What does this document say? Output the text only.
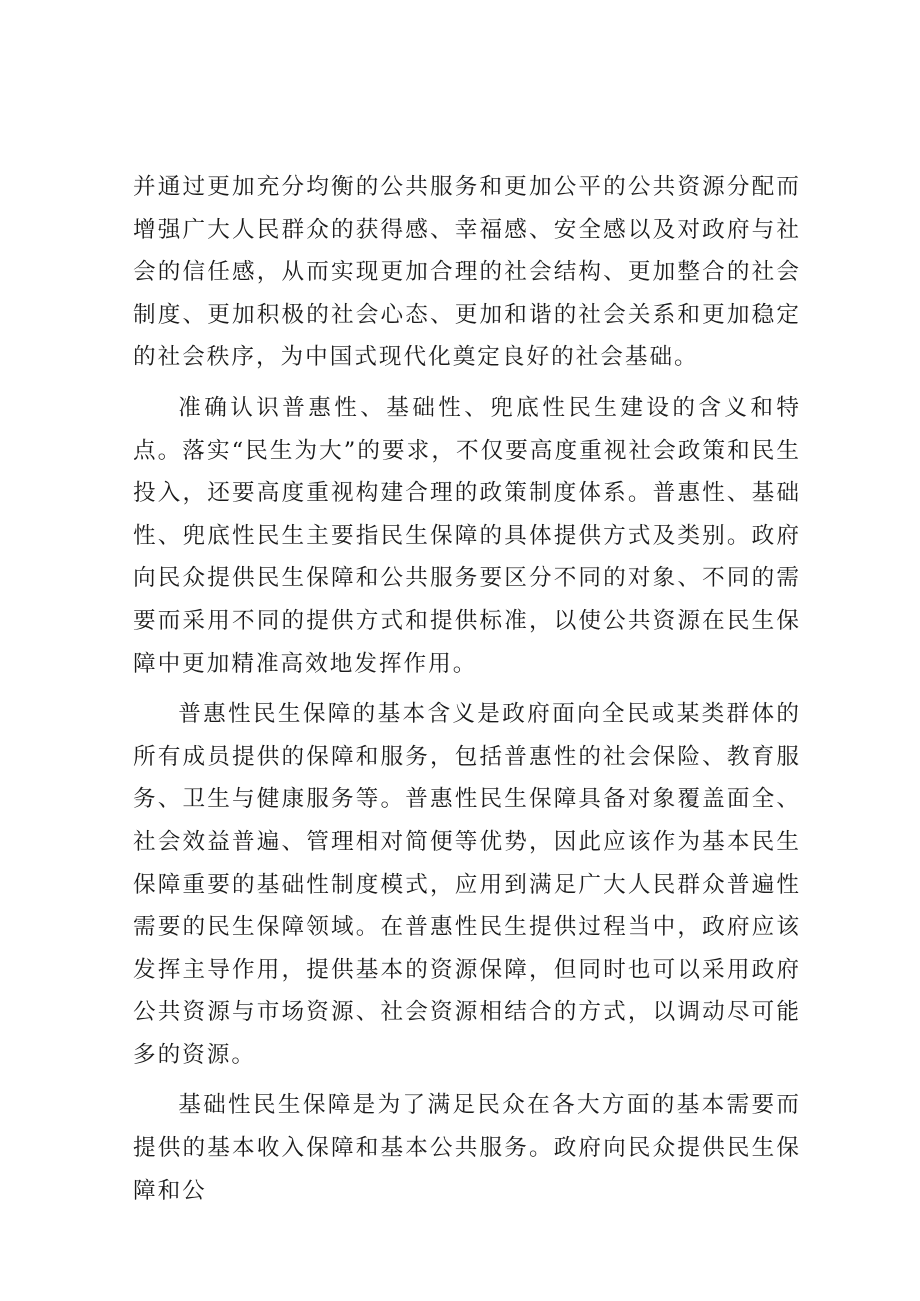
并通过更加充分均衡的公共服务和更加公平的公共资源分配而增强广大人民群众的获得感、幸福感、安全感以及对政府与社会的信任感，从而实现更加合理的社会结构、更加整合的社会制度、更加积极的社会心态、更加和谐的社会关系和更加稳定的社会秩序，为中国式现代化奠定良好的社会基础。

准确认识普惠性、基础性、兜底性民生建设的含义和特点。落实“民生为大”的要求，不仅要高度重视社会政策和民生投入，还要高度重视构建合理的政策制度体系。普惠性、基础性、兜底性民生主要指民生保障的具体提供方式及类别。政府向民众提供民生保障和公共服务要区分不同的对象、不同的需要而采用不同的提供方式和提供标准，以使公共资源在民生保障中更加精准高效地发挥作用。

普惠性民生保障的基本含义是政府面向全民或某类群体的所有成员提供的保障和服务，包括普惠性的社会保险、教育服务、卫生与健康服务等。普惠性民生保障具备对象覆盖面全、社会效益普遍、管理相对简便等优势，因此应该作为基本民生保障重要的基础性制度模式，应用到满足广大人民群众普遍性需要的民生保障领域。在普惠性民生提供过程当中，政府应该发挥主导作用，提供基本的资源保障，但同时也可以采用政府公共资源与市场资源、社会资源相结合的方式，以调动尽可能多的资源。

基础性民生保障是为了满足民众在各大方面的基本需要而提供的基本收入保障和基本公共服务。政府向民众提供民生保障和公
